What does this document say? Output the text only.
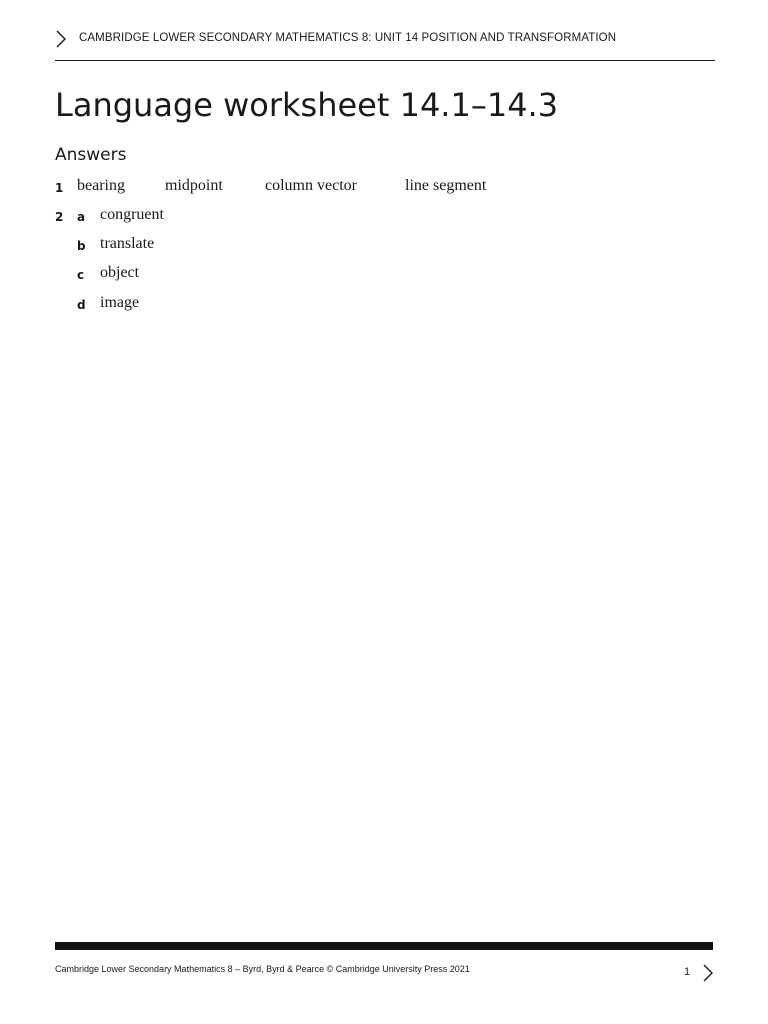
CAMBRIDGE LOWER SECONDARY MATHEMATICS 8: UNIT 14 POSITION AND TRANSFORMATION
Language worksheet 14.1–14.3
Answers
1 bearing	midpoint	column vector	line segment
2 a congruent
b translate
c object
d image
Cambridge Lower Secondary Mathematics 8 – Byrd, Byrd & Pearce © Cambridge University Press 2021	1
